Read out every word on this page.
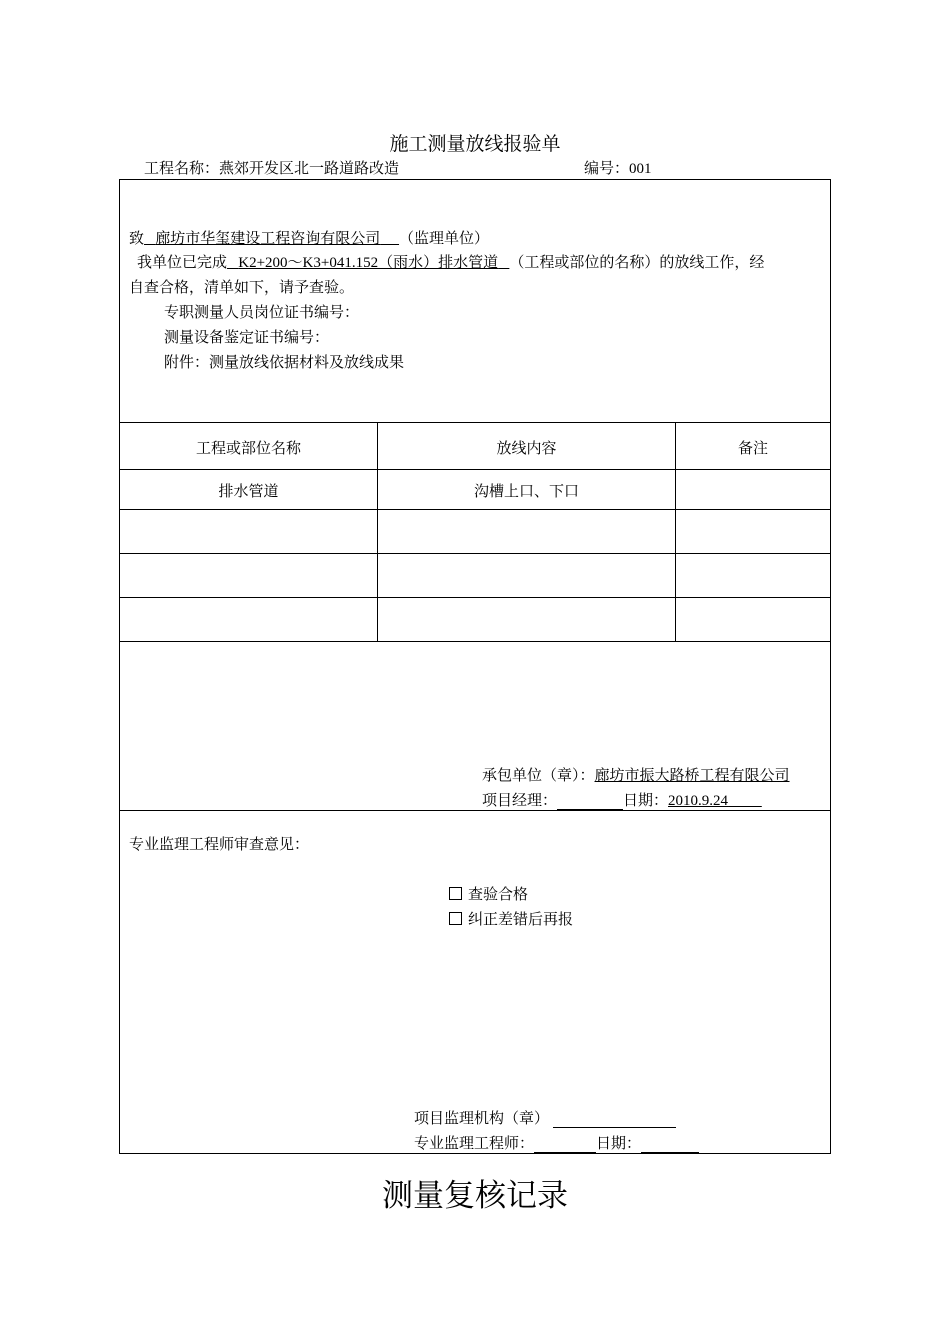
施工测量放线报验单
工程名称：燕郊开发区北一路道路改造	编号：001
致 廊坊市华玺建设工程咨询有限公司 （监理单位）
我单位已完成 K2+200～K3+041.152（雨水）排水管道 （工程或部位的名称）的放线工作，经
自查合格，清单如下，请予查验。
专职测量人员岗位证书编号：
测量设备鉴定证书编号：
附件：测量放线依据材料及放线成果
工程或部位名称	放线内容	备注
排水管道	沟槽上口、下口
承包单位（章）：廊坊市振大路桥工程有限公司
项目经理：	日期：2010.9.24
专业监理工程师审查意见：
查验合格
纠正差错后再报
项目监理机构（章）
专业监理工程师：	日期：
测量复核记录
